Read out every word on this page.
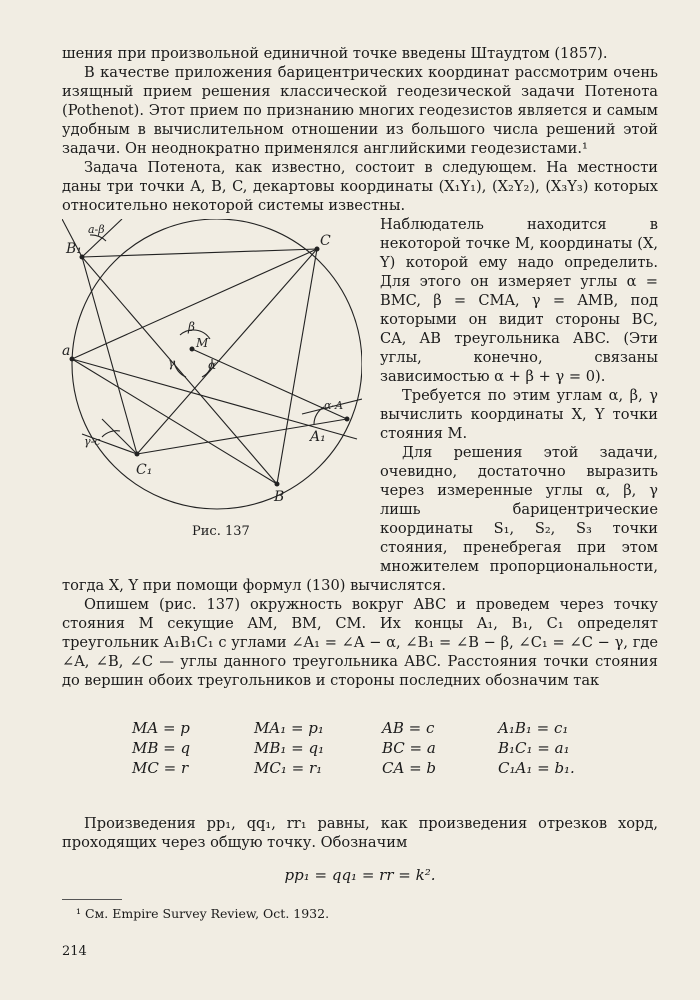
шения при произвольной единичной точке введены Штаудтом (1857).

В качестве приложения барицентрических координат рассмотрим очень изящный прием решения классической геодезической задачи Потенота (Pothenot). Этот прием по признанию многих геодезистов является и самым удобным в вычислительном отношении из большого числа решений этой задачи. Он неоднократно применялся английскими геодезистами.¹

Задача Потенота, как известно, состоит в следующем. На местности даны три точки A, B, C, декартовы координаты (X₁Y₁), (X₂Y₂), (X₃Y₃) которых относительно некоторой системы известны.

C
B₁
a	M
α
β
γ
C₁
A₁
B
a-β
γ-c
α-A
Рис. 137

Наблюдатель находится в некоторой точке M, координаты (X, Y) которой ему надо определить. Для этого он измеряет углы α = BMC, β = CMA, γ = AMB, под которыми он видит стороны BC, CA, AB треугольника ABC. (Эти углы, конечно, связаны зависимостью α + β + γ = 0).

Требуется по этим углам α, β, γ вычислить координаты X, Y точки стояния M.

Для решения этой задачи, очевидно, достаточно выразить через измеренные углы α, β, γ лишь барицентрические координаты S₁, S₂, S₃ точки стояния, пренебрегая при этом множителем пропорциональности, тогда X, Y при помощи формул (130) вычислятся.

Опишем (рис. 137) окружность вокруг ABC и проведем через точку стояния M секущие AM, BM, CM. Их концы A₁, B₁, C₁ определят треугольник A₁B₁C₁ с углами ∠A₁ = ∠A − α, ∠B₁ = ∠B − β, ∠C₁ = ∠C − γ, где ∠A, ∠B, ∠C — углы данного треугольника ABC. Расстояния точки стояния до вершин обоих треугольников и стороны последних обозначим так

MA = p
MB = q
MC = r
MA₁ = p₁
MB₁ = q₁
MC₁ = r₁
AB = c
BC = a
CA = b
A₁B₁ = c₁
B₁C₁ = a₁
C₁A₁ = b₁.

Произведения pp₁, qq₁, rr₁ равны, как произведения отрезков хорд, проходящих через общую точку. Обозначим

pp₁ = qq₁ = rr = k².

¹ См. Empire Survey Review, Oct. 1932.

214
